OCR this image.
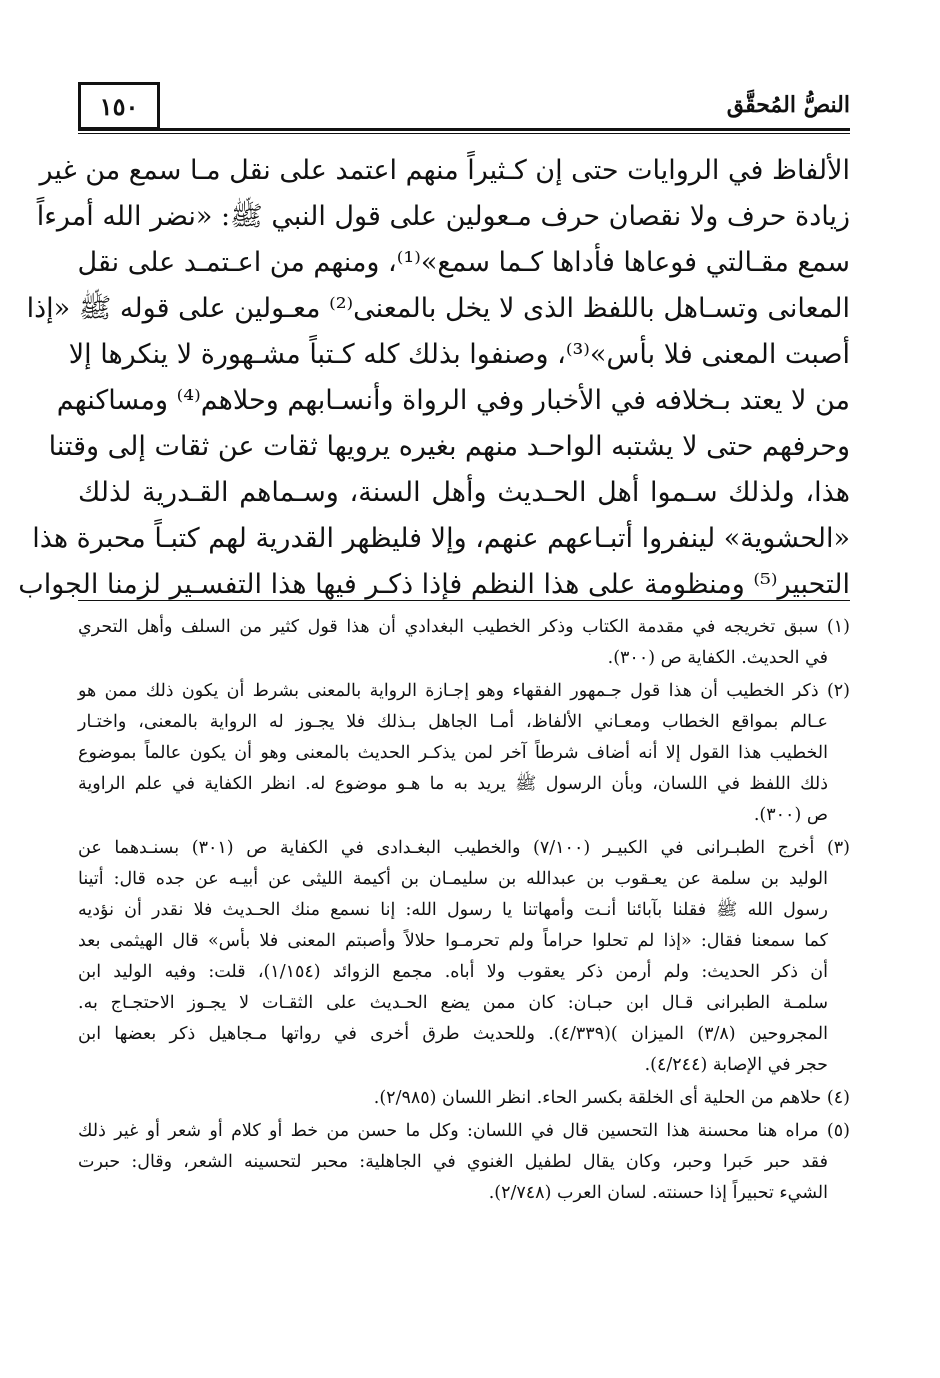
١٥٠	النصُّ المُحقَّق
الألفاظ في الروايات حتى إن كـثيراً منهم اعتمد على نقل مـا سمع من غير
زيادة حرف ولا نقصان حرف مـعولين على قول النبي ﷺ: «نضر الله أمرءاً
سمع مقـالتي فوعاها فأداها كـما سمع»⁽¹⁾، ومنهم من اعـتمـد على نقل
المعانى وتسـاهل باللفظ الذى لا يخل بالمعنى⁽²⁾ معـولين على قوله ﷺ «إذا
أصبت المعنى فلا بأس»⁽³⁾، وصنفوا بذلك كله كـتباً مشـهورة لا ينكرها إلا
من لا يعتد بـخلافه في الأخبار وفي الرواة وأنسـابهم وحلاهم⁽⁴⁾ ومساكنهم
وحرفهم حتى لا يشتبه الواحـد منهم بغيره يرويها ثقات عن ثقات إلى وقتنا
هذا، ولذلك سـموا أهل الحـديث وأهل السنة، وسـماهم القـدرية لذلك
«الحشوية» لينفروا أتبـاعهم عنهم، وإلا فليظهر القدرية لهم كتبـاً محبرة هذا
التحبير⁽⁵⁾ ومنظومة على هذا النظم فإذا ذكـر فيها هذا التفسـير لزمنا الجواب
(١) سبق تخريجه في مقدمة الكتاب وذكر الخطيب البغدادي أن هذا قول كثير من السلف وأهل التحري
في الحديث. الكفاية ص (٣٠٠).
(٢) ذكر الخطيب أن هذا قول جـمهور الفقهاء وهو إجـازة الرواية بالمعنى بشرط أن يكون ذلك ممن هو
عـالم بمواقع الخطاب ومعـاني الألفاظ، أمـا الجاهل بـذلك فلا يجـوز له الرواية بالمعنى، واختـار
الخطيب هذا القول إلا أنه أضاف شرطاً آخر لمن يذكـر الحديث بالمعنى وهو أن يكون عالماً بموضوع
ذلك اللفظ في اللسان، وبأن الرسول ﷺ يريد به ما هـو موضوع له. انظر الكفاية في علم الراوية
ص (٣٠٠).
(٣) أخرج الطبـرانى في الكبيـر (٧/١٠٠) والخطيب البغـدادى في الكفاية ص (٣٠١) بسنـدهما عن
الوليد بن سلمة عن يعـقوب بن عبدالله بن سليمـان بن أكيمة الليثى عن أبيـه عن جده قال: أتينا
رسول الله ﷺ فقلنا بآبائنا أنـت وأمهاتنا يا رسول الله: إنا نسمع منك الحـديث فلا نقدر أن نؤديه
كما سمعنا فقال: «إذا لم تحلوا حراماً ولم تحرمـوا حلالاً وأصبتم المعنى فلا بأس» قال الهيثمى بعد
أن ذكر الحديث: ولم أرمن ذكر يعقوب ولا أباه. مجمع الزوائد (١/١٥٤)، قلت: وفيه الوليد ابن
سلمـة الطبرانى قـال ابن حبـان: كان ممن يضع الحـديث على الثقـات لا يجـوز الاحتجـاج به.
المجروحين (٣/٨) الميزان )(٤/٣٣٩). وللحديث طرق أخرى في رواتها مـجاهيل ذكر بعضها ابن
حجر في الإصابة (٤/٢٤٤).
(٤) حلاهم من الحلية أى الخلقة بكسر الحاء. انظر اللسان (٢/٩٨٥).
(٥) مراه هنا محسنة هذا التحسين قال في اللسان: وكل ما حسن من خط أو كلام أو شعر أو غير ذلك
فقد حبر حَبرا وحبر، وكان يقال لطفيل الغنوي في الجاهلية: محبر لتحسينه الشعر، وقال: حبرت
الشيء تحبيراً إذا حسنته. لسان العرب (٢/٧٤٨).
